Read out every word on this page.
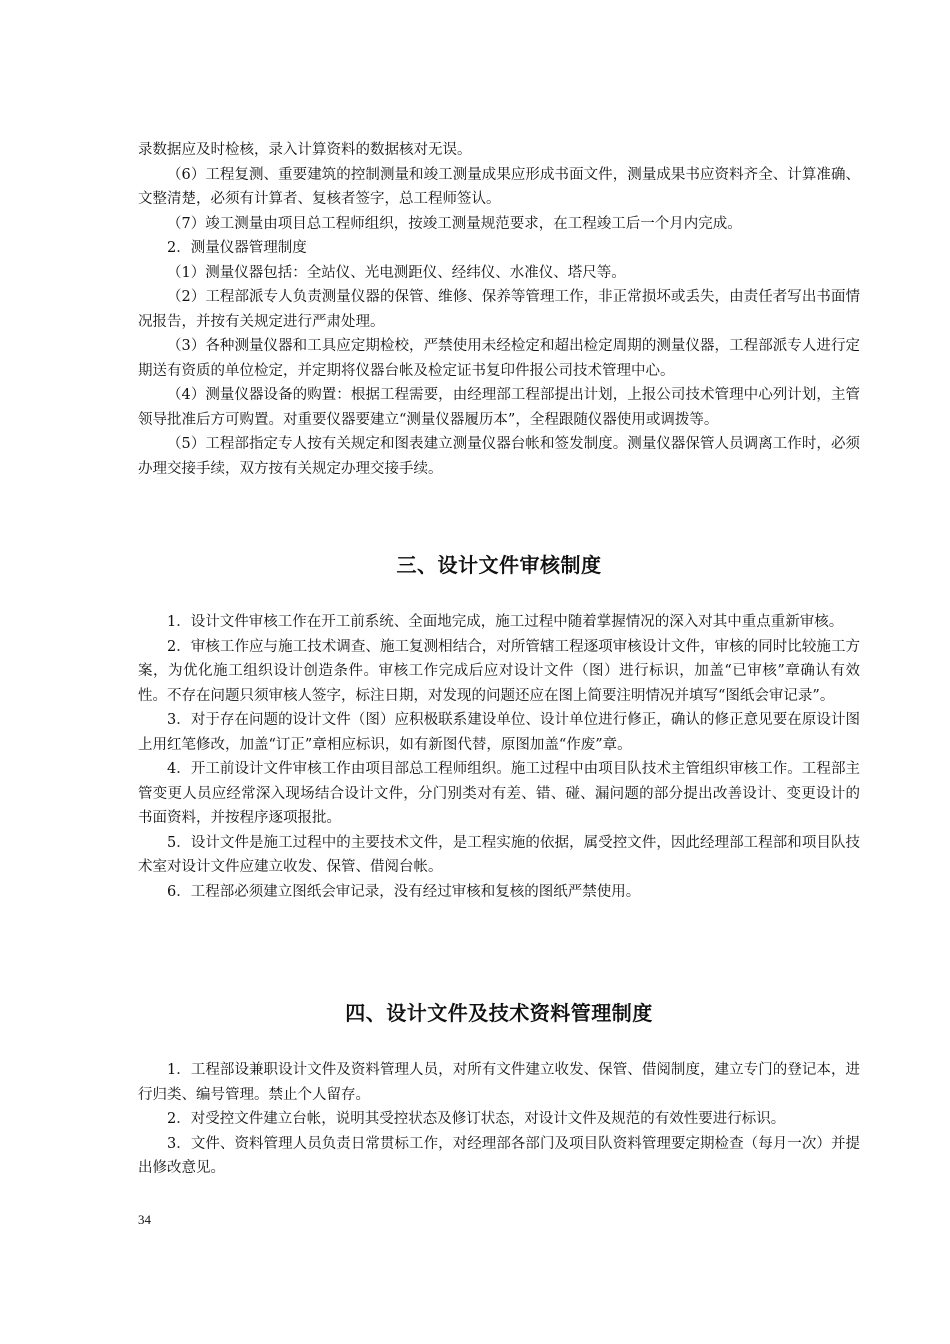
录数据应及时检核，录入计算资料的数据核对无误。

（6）工程复测、重要建筑的控制测量和竣工测量成果应形成书面文件，测量成果书应资料齐全、计算准确、文整清楚，必须有计算者、复核者签字，总工程师签认。

（7）竣工测量由项目总工程师组织，按竣工测量规范要求，在工程竣工后一个月内完成。

2．测量仪器管理制度

（1）测量仪器包括：全站仪、光电测距仪、经纬仪、水准仪、塔尺等。

（2）工程部派专人负责测量仪器的保管、维修、保养等管理工作，非正常损坏或丢失，由责任者写出书面情况报告，并按有关规定进行严肃处理。

（3）各种测量仪器和工具应定期检校，严禁使用未经检定和超出检定周期的测量仪器，工程部派专人进行定期送有资质的单位检定，并定期将仪器台帐及检定证书复印件报公司技术管理中心。

（4）测量仪器设备的购置：根据工程需要，由经理部工程部提出计划，上报公司技术管理中心列计划，主管领导批准后方可购置。对重要仪器要建立“测量仪器履历本”，全程跟随仪器使用或调拨等。

（5）工程部指定专人按有关规定和图表建立测量仪器台帐和签发制度。测量仪器保管人员调离工作时，必须办理交接手续，双方按有关规定办理交接手续。

三、设计文件审核制度

1．设计文件审核工作在开工前系统、全面地完成，施工过程中随着掌握情况的深入对其中重点重新审核。

2．审核工作应与施工技术调查、施工复测相结合，对所管辖工程逐项审核设计文件，审核的同时比较施工方案，为优化施工组织设计创造条件。审核工作完成后应对设计文件（图）进行标识，加盖“已审核”章确认有效性。不存在问题只须审核人签字，标注日期，对发现的问题还应在图上简要注明情况并填写“图纸会审记录”。

3．对于存在问题的设计文件（图）应积极联系建设单位、设计单位进行修正，确认的修正意见要在原设计图上用红笔修改，加盖“订正”章相应标识，如有新图代替，原图加盖“作废”章。

4．开工前设计文件审核工作由项目部总工程师组织。施工过程中由项目队技术主管组织审核工作。工程部主管变更人员应经常深入现场结合设计文件，分门别类对有差、错、碰、漏问题的部分提出改善设计、变更设计的书面资料，并按程序逐项报批。

5．设计文件是施工过程中的主要技术文件，是工程实施的依据，属受控文件，因此经理部工程部和项目队技术室对设计文件应建立收发、保管、借阅台帐。

6．工程部必须建立图纸会审记录，没有经过审核和复核的图纸严禁使用。

四、设计文件及技术资料管理制度

1．工程部设兼职设计文件及资料管理人员，对所有文件建立收发、保管、借阅制度，建立专门的登记本，进行归类、编号管理。禁止个人留存。

2．对受控文件建立台帐，说明其受控状态及修订状态，对设计文件及规范的有效性要进行标识。

3．文件、资料管理人员负责日常贯标工作，对经理部各部门及项目队资料管理要定期检查（每月一次）并提出修改意见。

34
